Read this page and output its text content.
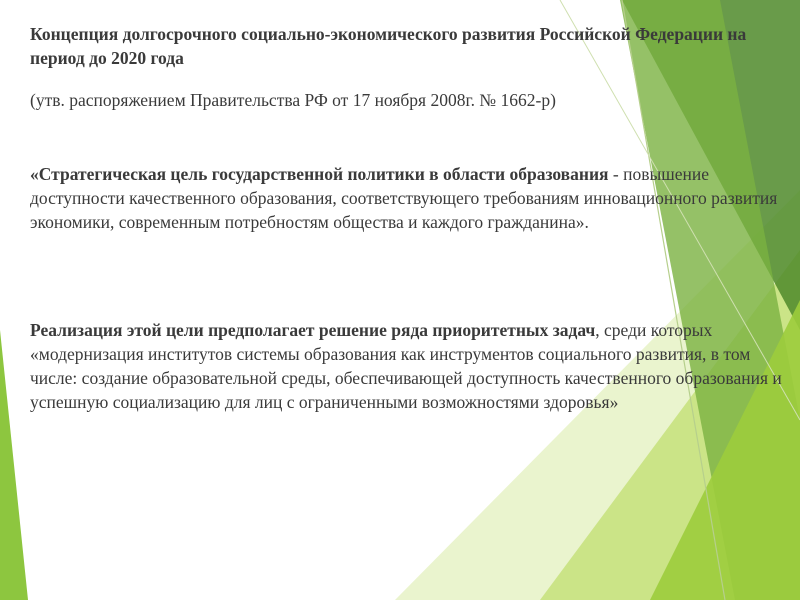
Концепция долгосрочного социально-экономического развития Российской Федерации на период до 2020 года

(утв. распоряжением Правительства РФ от 17 ноября 2008г. № 1662-р)

«Стратегическая цель государственной политики в области образования - повышение доступности качественного образования, соответствующего требованиям инновационного развития экономики, современным потребностям общества и каждого гражданина».

Реализация этой цели предполагает решение ряда приоритетных задач, среди которых «модернизация институтов системы образования как инструментов социального развития, в том числе: создание образовательной среды, обеспечивающей доступность качественного образования и успешную социализацию для лиц с ограниченными возможностями здоровья»
